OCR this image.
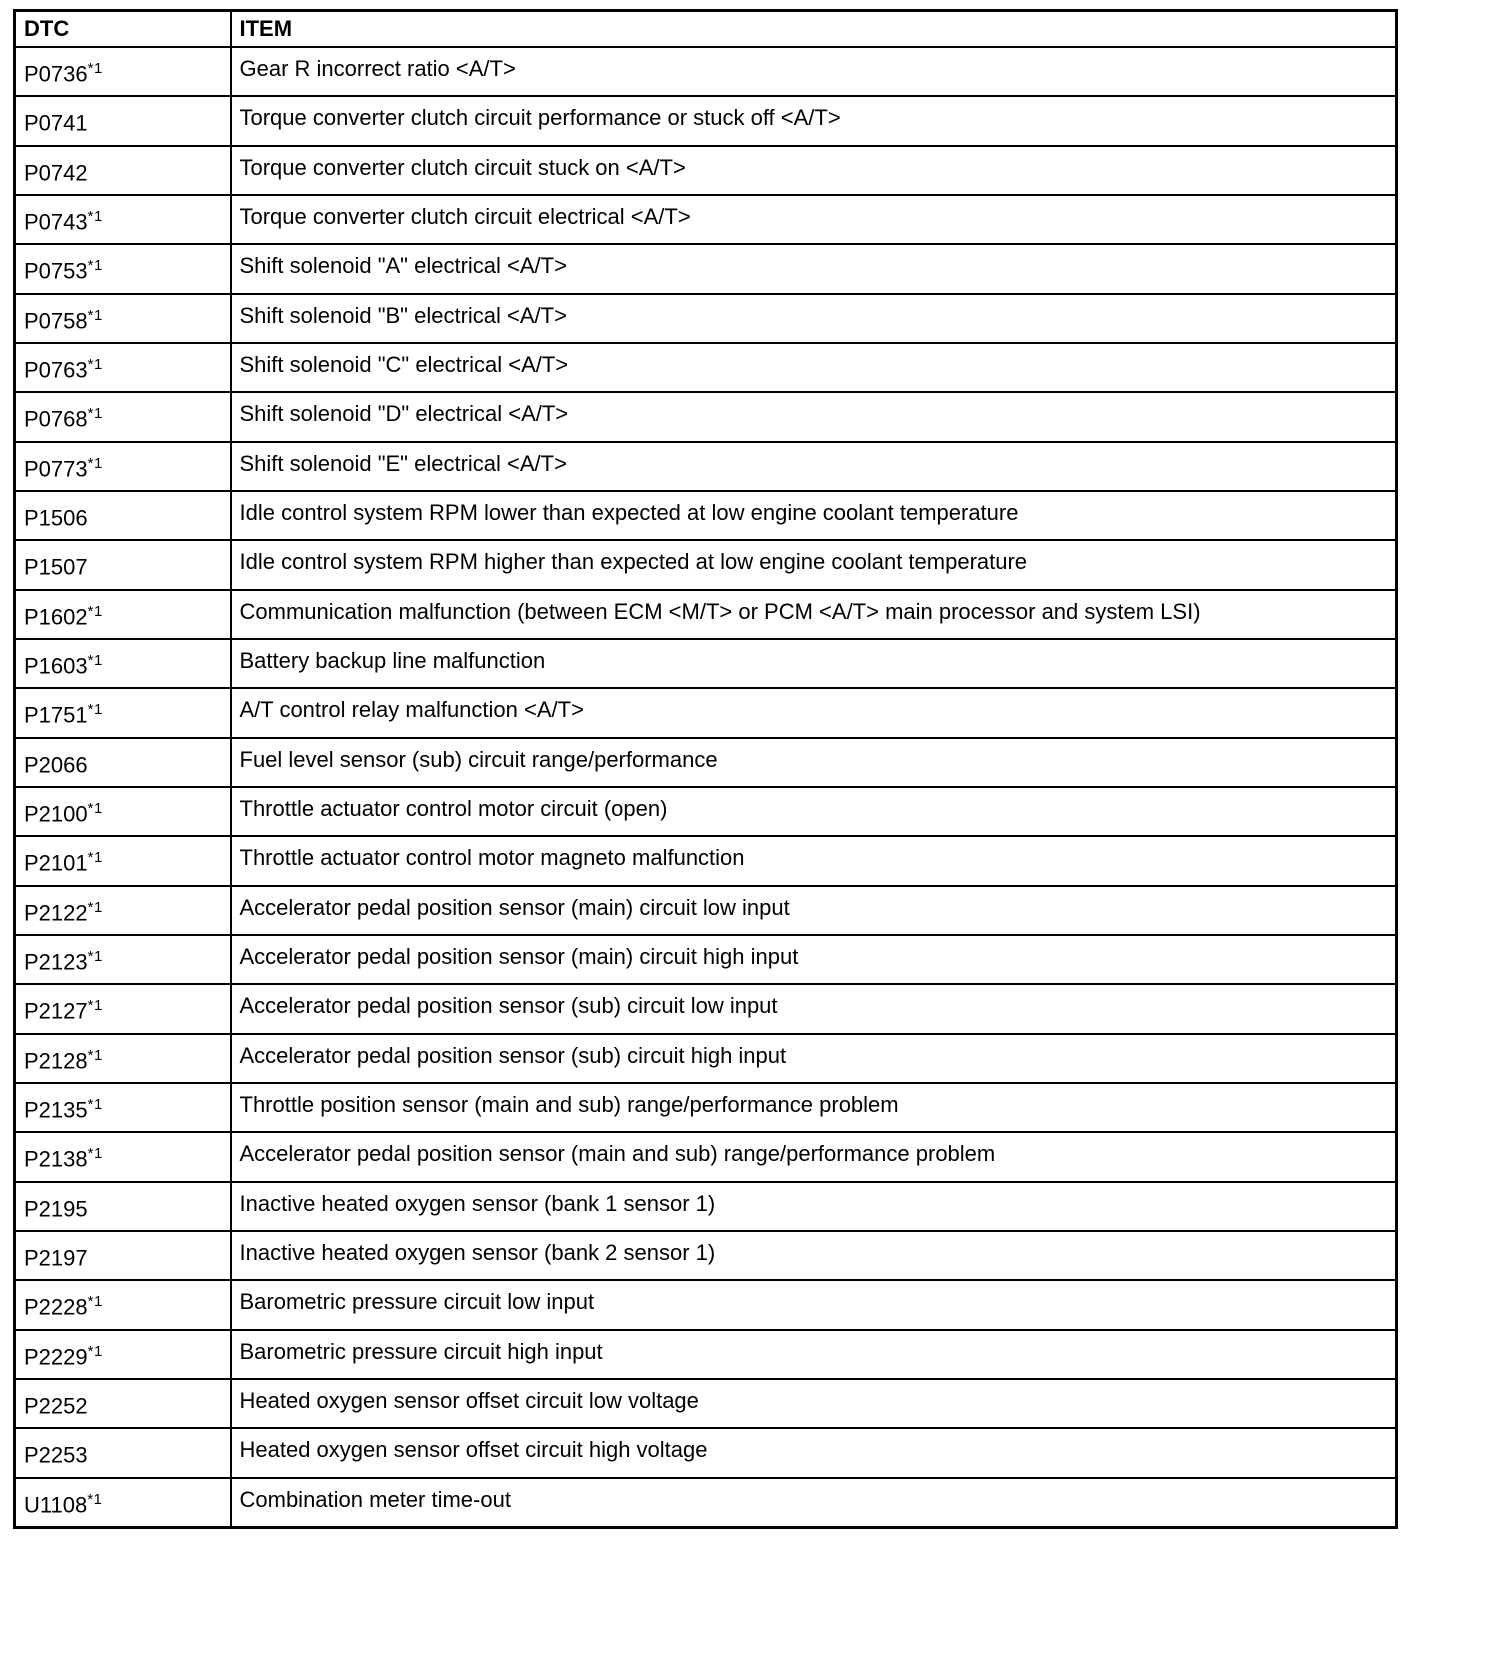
DTC	ITEM
P0736$^{*1}$	Gear R incorrect ratio <A/T>
P0741	Torque converter clutch circuit performance or stuck off <A/T>
P0742	Torque converter clutch circuit stuck on <A/T>
$P0743^{*1}$	Torque converter clutch circuit electrical <A/T>
$P0753^{*1}$	Shift solenoid "A" electrical <A/T>
$P0758^{*1}$	Shift solenoid "B" electrical <A/T>
$P0763^{*1}$	Shift solenoid "C" electrical <A/T>
$P0768^{*1}$	Shift solenoid "D" electrical <A/T>
$P0773^{*1}$	Shift solenoid "E" electrical <A/T>
P1506	Idle control system RPM lower than expected at low engine coolant temperature
P1507	Idle control system RPM higher than expected at low engine coolant temperature
P1602$^{*1}$	Communication malfunction (between ECM <M/T> or PCM <A/T> main processor and system LSI)
P1603$^{*1}$	Battery backup line malfunction
P1751$^{*1}$	A/T control relay malfunction <A/T>
P2066	Fuel level sensor (sub) circuit range/performance
P2100$^{*1}$	Throttle actuator control motor circuit (open)
P2101$^{*1}$	Throttle actuator control motor magneto malfunction
P2122$^{*1}$	Accelerator pedal position sensor (main) circuit low input
P2123$^{*1}$	Accelerator pedal position sensor (main) circuit high input
P2127$^{*1}$	Accelerator pedal position sensor (sub) circuit low input
P2128$^{*1}$	Accelerator pedal position sensor (sub) circuit high input
P2135$^{*1}$	Throttle position sensor (main and sub) range/performance problem
P2138$^{*1}$	Accelerator pedal position sensor (main and sub) range/performance problem
P2195	Inactive heated oxygen sensor (bank 1 sensor 1)
P2197	Inactive heated oxygen sensor (bank 2 sensor 1)
P2228$^{*1}$	Barometric pressure circuit low input
P2229$^{*1}$	Barometric pressure circuit high input
P2252	Heated oxygen sensor offset circuit low voltage
P2253	Heated oxygen sensor offset circuit high voltage
U1108$^{*1}$	Combination meter time-out
